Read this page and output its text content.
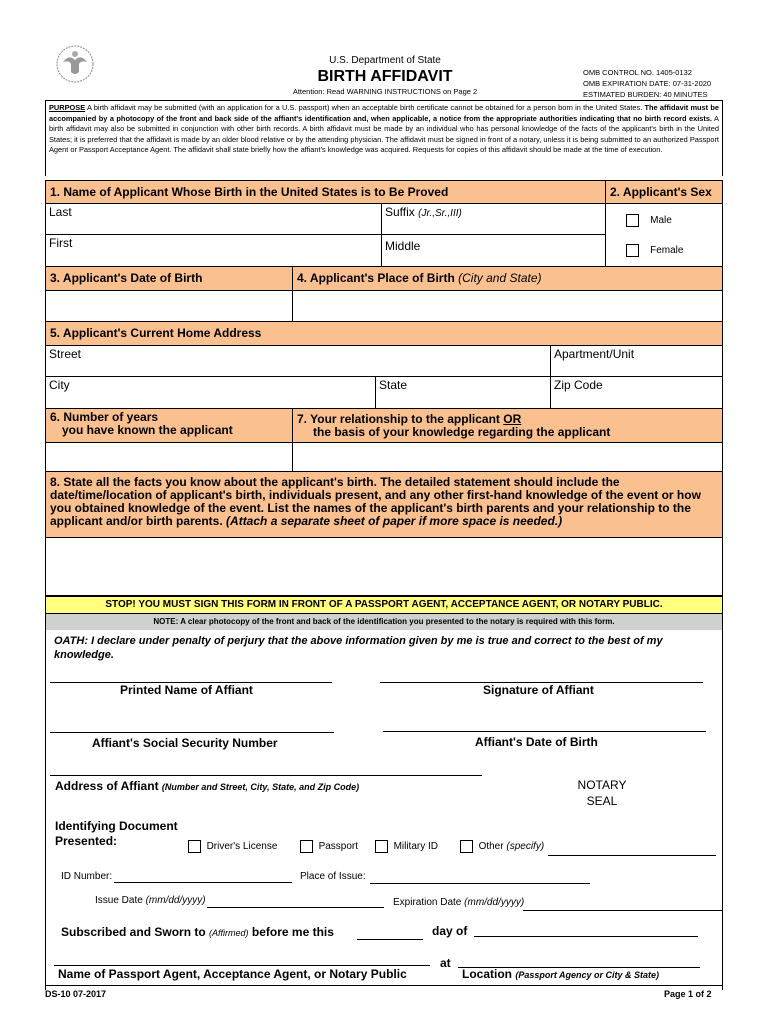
U.S. Department of State
BIRTH AFFIDAVIT
Attention: Read WARNING INSTRUCTIONS on Page 2
OMB CONTROL NO. 1405-0132
OMB EXPIRATION DATE: 07-31-2020
ESTIMATED BURDEN: 40 MINUTES
PURPOSE A birth affidavit may be submitted (with an application for a U.S. passport) when an acceptable birth certificate cannot be obtained for a person born in the United States. The affidavit must be accompanied by a photocopy of the front and back side of the affiant's identification and, when applicable, a notice from the appropriate authorities indicating that no birth record exists. A birth affidavit may also be submitted in conjunction with other birth records. A birth affidavit must be made by an individual who has personal knowledge of the facts of the applicant's birth in the United States; it is preferred that the affidavit is made by an older blood relative or by the attending physician. The affidavit must be signed in front of a notary, unless it is being submitted to an authorized Passport Agent or Passport Acceptance Agent. The affidavit shall state briefly how the affiant's knowledge was acquired. Requests for copies of this affidavit should be made at the time of execution.
1. Name of Applicant Whose Birth in the United States is to Be Proved	2. Applicant's Sex
Last	Suffix (Jr.,Sr.,III)
First	Middle
Male
Female
3. Applicant's Date of Birth	4. Applicant's Place of Birth (City and State)
5. Applicant's Current Home Address
Street	Apartment/Unit
City	State	Zip Code
6. Number of years
you have known the applicant
7. Your relationship to the applicant OR
the basis of your knowledge regarding the applicant
8. State all the facts you know about the applicant's birth. The detailed statement should include the date/time/location of applicant's birth, individuals present, and any other first-hand knowledge of the event or how you obtained knowledge of the event. List the names of the applicant's birth parents and your relationship to the applicant and/or birth parents. (Attach a separate sheet of paper if more space is needed.)
STOP! YOU MUST SIGN THIS FORM IN FRONT OF A PASSPORT AGENT, ACCEPTANCE AGENT, OR NOTARY PUBLIC.
NOTE: A clear photocopy of the front and back of the identification you presented to the notary is required with this form.
OATH: I declare under penalty of perjury that the above information given by me is true and correct to the best of my knowledge.
Printed Name of Affiant	Signature of Affiant
Affiant's Social Security Number	Affiant's Date of Birth
Address of Affiant (Number and Street, City, State, and Zip Code)	NOTARY
SEAL
Identifying Document
Presented:	Driver's License	Passport	Military ID	Other (specify)
ID Number:	Place of Issue:
Issue Date (mm/dd/yyyy)	Expiration Date (mm/dd/yyyy)
Subscribed and Sworn to (Affirmed) before me this	day of
at
Name of Passport Agent, Acceptance Agent, or Notary Public	Location (Passport Agency or City & State)
DS-10 07-2017	Page 1 of 2
